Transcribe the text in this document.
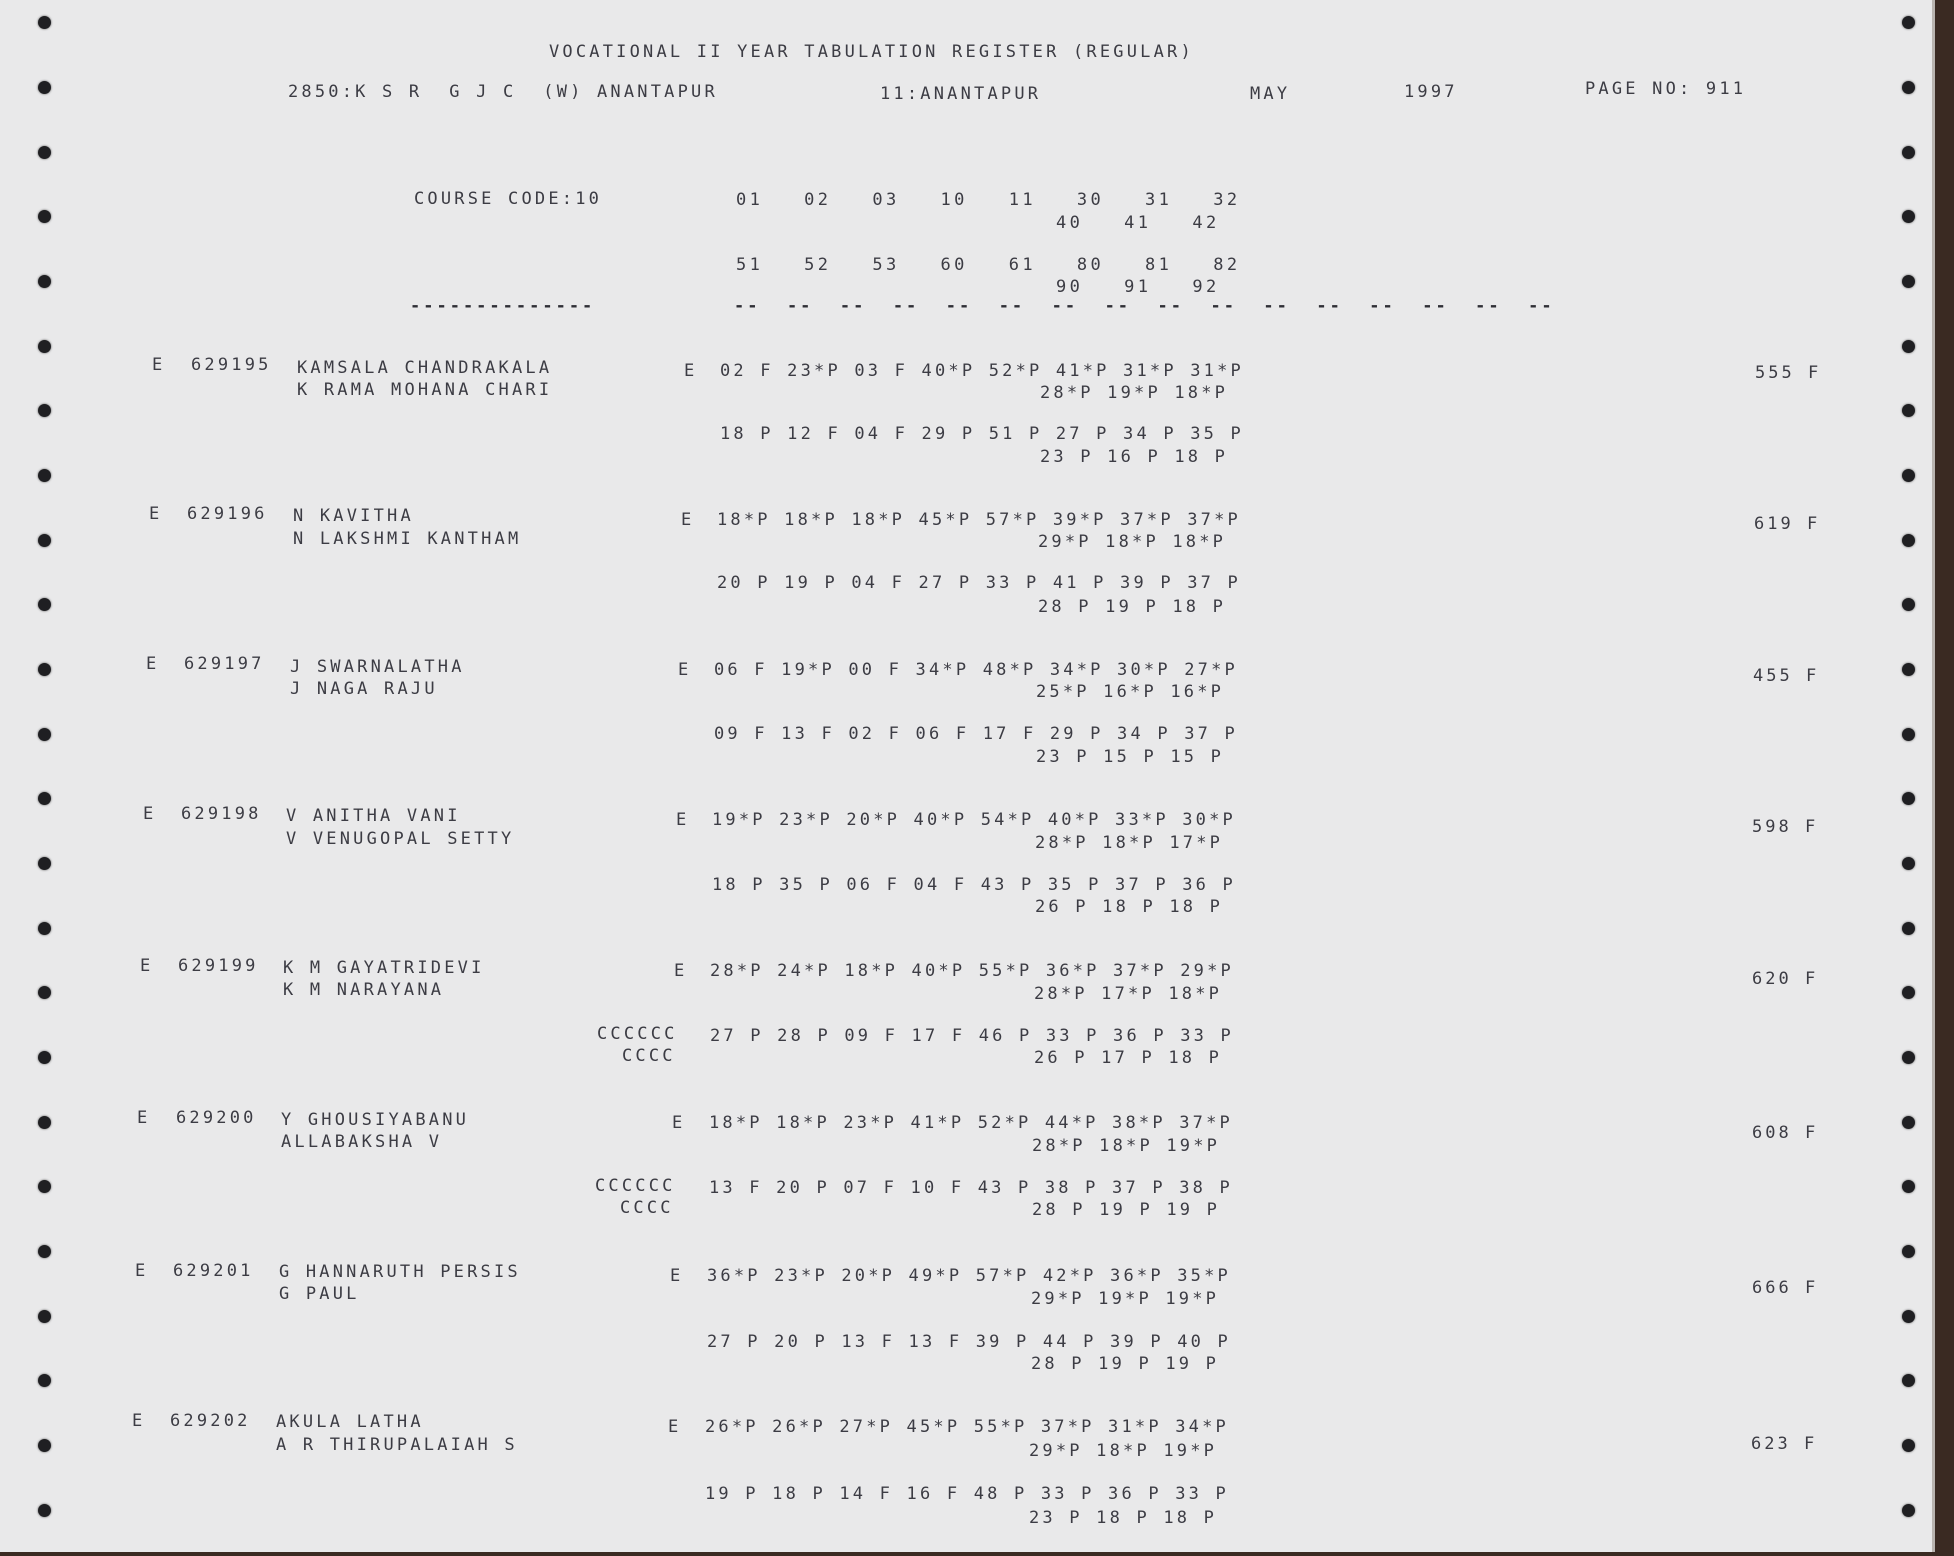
VOCATIONAL II YEAR TABULATION REGISTER (REGULAR)
2850:K S R  G J C  (W) ANANTAPUR	11:ANANTAPUR	MAY	1997	PAGE NO: 911
COURSE CODE:10	01   02   03   10   11   30   31   32
40   41   42
51   52   53   60   61   80   81   82
90   91   92
--------------	--  --  --  --  --  --  --  --  --  --  --  --  --  --  --  --
E 629195 KAMSALA CHANDRAKALA
K RAMA MOHANA CHARI
E 02 F 23*P 03 F 40*P 52*P 41*P 31*P 31*P
28*P 19*P 18*P
18 P 12 F 04 F 29 P 51 P 27 P 34 P 35 P
23 P 16 P 18 P
555 F
E 629196 N KAVITHA
N LAKSHMI KANTHAM
E 18*P 18*P 18*P 45*P 57*P 39*P 37*P 37*P
29*P 18*P 18*P
20 P 19 P 04 F 27 P 33 P 41 P 39 P 37 P
28 P 19 P 18 P
619 F
E 629197 J SWARNALATHA
J NAGA RAJU
E 06 F 19*P 00 F 34*P 48*P 34*P 30*P 27*P
25*P 16*P 16*P
09 F 13 F 02 F 06 F 17 F 29 P 34 P 37 P
23 P 15 P 15 P
455 F
E 629198 V ANITHA VANI
V VENUGOPAL SETTY
E 19*P 23*P 20*P 40*P 54*P 40*P 33*P 30*P
28*P 18*P 17*P
18 P 35 P 06 F 04 F 43 P 35 P 37 P 36 P
26 P 18 P 18 P
598 F
E 629199 K M GAYATRIDEVI
K M NARAYANA
E 28*P 24*P 18*P 40*P 55*P 36*P 37*P 29*P
28*P 17*P 18*P
CCCCCC
CCCC
27 P 28 P 09 F 17 F 46 P 33 P 36 P 33 P
26 P 17 P 18 P
620 F
E 629200 Y GHOUSIYABANU
ALLABAKSHA V
E 18*P 18*P 23*P 41*P 52*P 44*P 38*P 37*P
28*P 18*P 19*P
CCCCCC
CCCC
13 F 20 P 07 F 10 F 43 P 38 P 37 P 38 P
28 P 19 P 19 P
608 F
E 629201 G HANNARUTH PERSIS
G PAUL
E 36*P 23*P 20*P 49*P 57*P 42*P 36*P 35*P
29*P 19*P 19*P
27 P 20 P 13 F 13 F 39 P 44 P 39 P 40 P
28 P 19 P 19 P
666 F
E 629202 AKULA LATHA
A R THIRUPALAIAH S
E 26*P 26*P 27*P 45*P 55*P 37*P 31*P 34*P
29*P 18*P 19*P
19 P 18 P 14 F 16 F 48 P 33 P 36 P 33 P
23 P 18 P 18 P
623 F
